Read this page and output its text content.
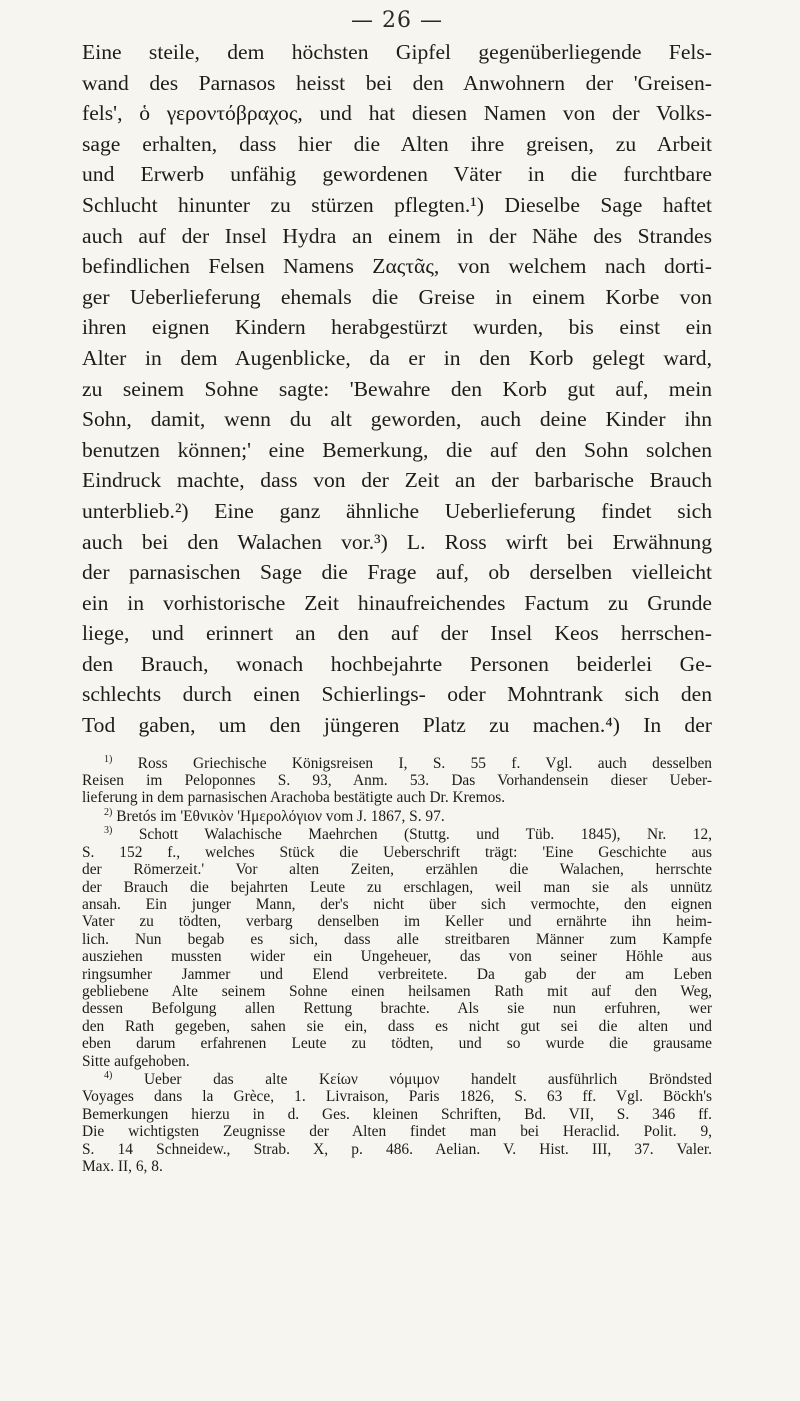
— 26 —
Eine steile, dem höchsten Gipfel gegenüberliegende Fels-
wand des Parnasos heisst bei den Anwohnern der 'Greisen-
fels', ὁ γεροντόβραχος, und hat diesen Namen von der Volks-
sage erhalten, dass hier die Alten ihre greisen, zu Arbeit
und Erwerb unfähig gewordenen Väter in die furchtbare
Schlucht hinunter zu stürzen pflegten.¹) Dieselbe Sage haftet
auch auf der Insel Hydra an einem in der Nähe des Strandes
befindlichen Felsen Namens Ζαςτᾶς, von welchem nach dorti-
ger Ueberlieferung ehemals die Greise in einem Korbe von
ihren eignen Kindern herabgestürzt wurden, bis einst ein
Alter in dem Augenblicke, da er in den Korb gelegt ward,
zu seinem Sohne sagte: 'Bewahre den Korb gut auf, mein
Sohn, damit, wenn du alt geworden, auch deine Kinder ihn
benutzen können;' eine Bemerkung, die auf den Sohn solchen
Eindruck machte, dass von der Zeit an der barbarische Brauch
unterblieb.²) Eine ganz ähnliche Ueberlieferung findet sich
auch bei den Walachen vor.³) L. Ross wirft bei Erwähnung
der parnasischen Sage die Frage auf, ob derselben vielleicht
ein in vorhistorische Zeit hinaufreichendes Factum zu Grunde
liege, und erinnert an den auf der Insel Keos herrschen-
den Brauch, wonach hochbejahrte Personen beiderlei Ge-
schlechts durch einen Schierlings- oder Mohntrank sich den
Tod gaben, um den jüngeren Platz zu machen.⁴) In der
$^{1)}$ Ross Griechische Königsreisen I, S. 55 f. Vgl. auch desselben
Reisen im Peloponnes S. 93, Anm. 53. Das Vorhandensein dieser Ueber-
lieferung in dem parnasischen Arachoba bestätigte auch Dr. Kremos.
$^{2)}$ Bretós im 'Εθνικὸν 'Ημερολόγιον vom J. 1867, S. 97.
$^{3)}$ Schott Walachische Maehrchen (Stuttg. und Tüb. 1845), Nr. 12,
S. 152 f., welches Stück die Ueberschrift trägt: 'Eine Geschichte aus
der Römerzeit.' Vor alten Zeiten, erzählen die Walachen, herrschte
der Brauch die bejahrten Leute zu erschlagen, weil man sie als unnütz
ansah. Ein junger Mann, der's nicht über sich vermochte, den eignen
Vater zu tödten, verbarg denselben im Keller und ernährte ihn heim-
lich. Nun begab es sich, dass alle streitbaren Männer zum Kampfe
ausziehen mussten wider ein Ungeheuer, das von seiner Höhle aus
ringsumher Jammer und Elend verbreitete. Da gab der am Leben
gebliebene Alte seinem Sohne einen heilsamen Rath mit auf den Weg,
dessen Befolgung allen Rettung brachte. Als sie nun erfuhren, wer
den Rath gegeben, sahen sie ein, dass es nicht gut sei die alten und
eben darum erfahrenen Leute zu tödten, und so wurde die grausame
Sitte aufgehoben.
$^{4)}$ Ueber das alte Κείων νόμιμον handelt ausführlich Bröndsted
Voyages dans la Grèce, 1. Livraison, Paris 1826, S. 63 ff. Vgl. Böckh's
Bemerkungen hierzu in d. Ges. kleinen Schriften, Bd. VII, S. 346 ff.
Die wichtigsten Zeugnisse der Alten findet man bei Heraclid. Polit. 9,
S. 14 Schneidew., Strab. X, p. 486. Aelian. V. Hist. III, 37. Valer.
Max. II, 6, 8.
